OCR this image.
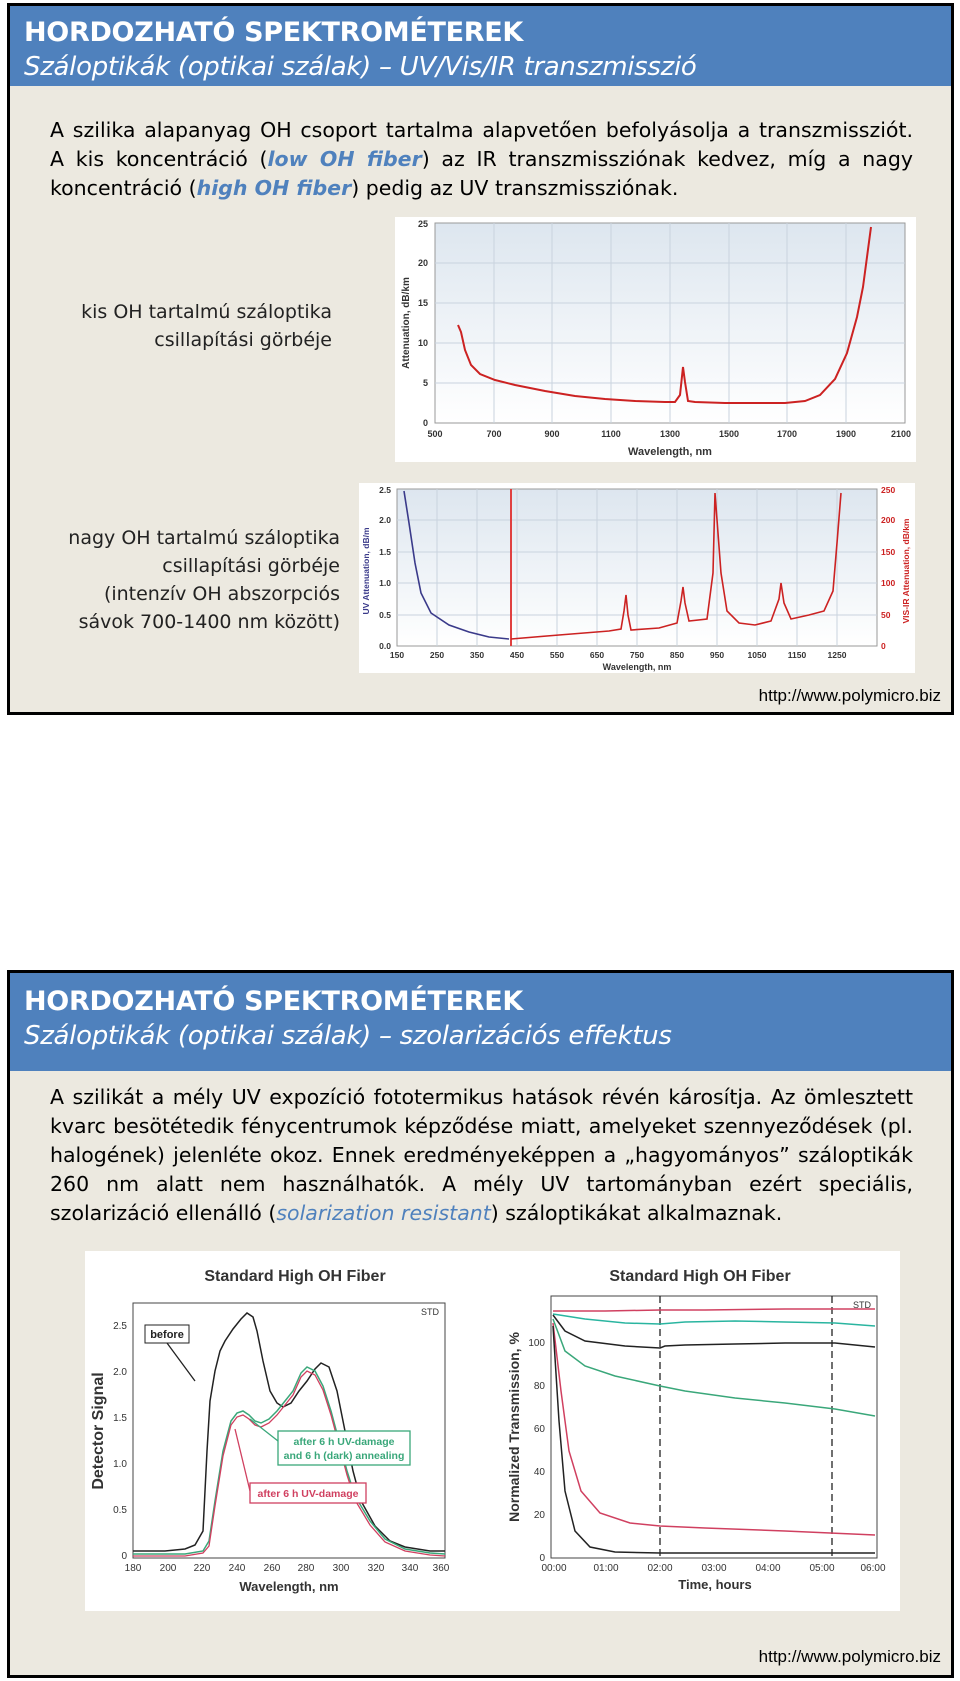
HORDOZHATÓ SPEKTROMÉTEREK
Száloptikák (optikai szálak) – UV/Vis/IR transzmisszió
A szilika alapanyag OH csoport tartalma alapvetően befolyásolja a transzmissziót. A kis koncentráció (low OH fiber) az IR transzmissziónak kedvez, míg a nagy koncentráció (high OH fiber) pedig az UV transzmissziónak.
kis OH tartalmú száloptika
csillapítási görbéje
nagy OH tartalmú száloptika
csillapítási görbéje
(intenzív OH abszorpciós
sávok 700-1400 nm között)
0
5
10
15
20
25
500	700	900	1100	1300	1500	1700	1900	2100
Wavelength, nm
Attenuation, dB/km
0.0
0.5
1.0
1.5
2.0
2.5
0
50
100
150
200
250
150	250	350	450	550	650	750	850	950	1050	1150	1250
Wavelength, nm
UV Attenuation, dB/m	VIS-IR Attenuation, dB/km
http://www.polymicro.biz
HORDOZHATÓ SPEKTROMÉTEREK
Száloptikák (optikai szálak) – szolarizációs effektus
A szilikát a mély UV expozíció fototermikus hatások révén károsítja. Az ömlesztett kvarc besötétedik fénycentrumok képződése miatt, amelyeket szennyeződések (pl. halogének) jelenléte okoz. Ennek eredményeképpen a „hagyományos” száloptikák 260 nm alatt nem használhatók. A mély UV tartományban ezért speciális, szolarizáció ellenálló (solarization resistant) száloptikákat alkalmaznak.
Standard High OH Fiber
STD
before
after 6 h UV-damage
and 6 h (dark) annealing
after 6 h UV-damage
0
0.5
1.0
1.5
2.0
2.5
180 200 220 240 260 280 300 320 340 360
Wavelength, nm
Detector Signal
Standard High OH Fiber
STD
0
20
40
60
80
100
00:00	01:00	02:00	03:00	04:00	05:00	06:00
Time, hours
Normalized Transmission, %
http://www.polymicro.biz
